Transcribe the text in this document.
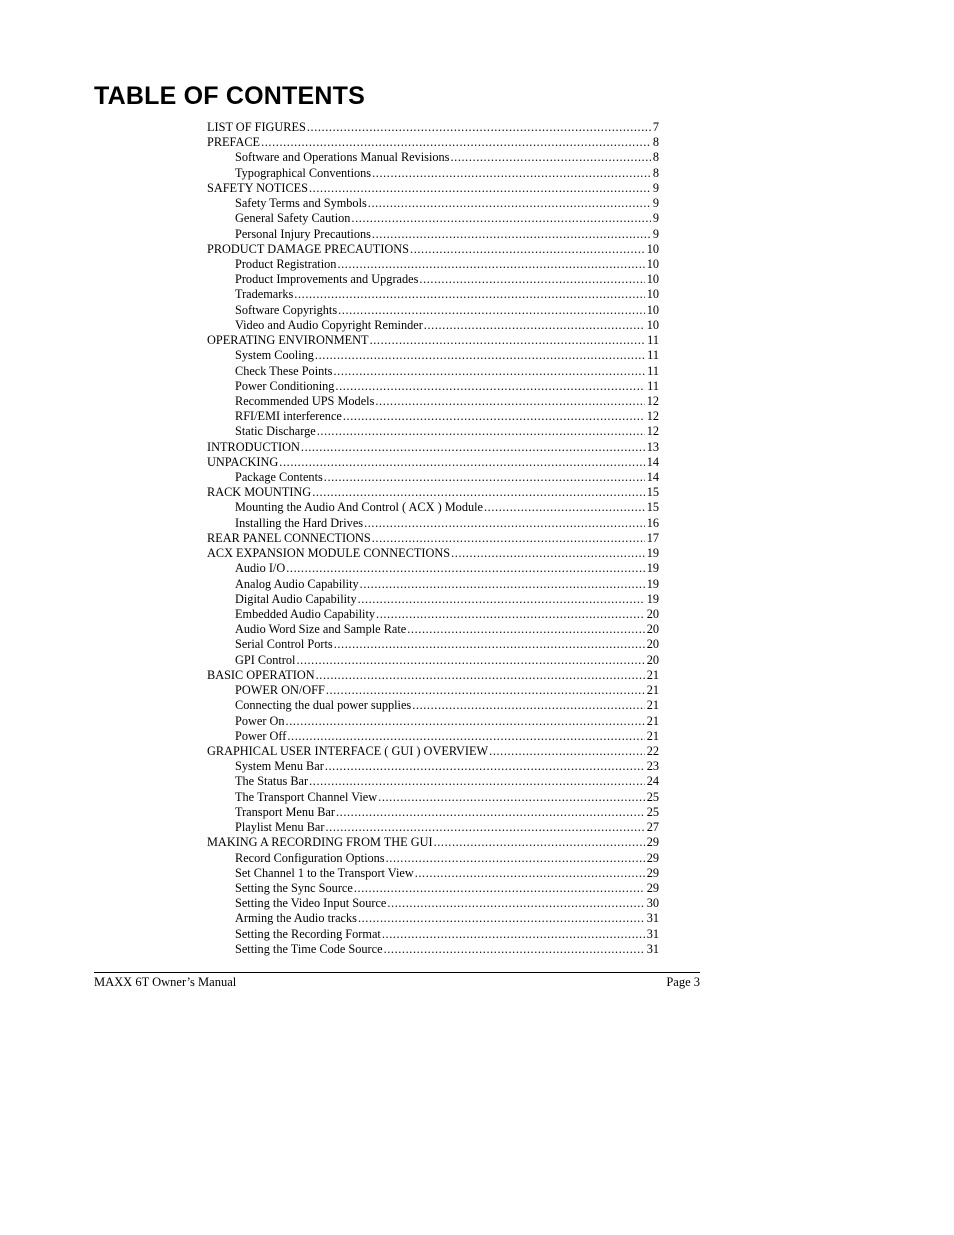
TABLE OF CONTENTS
LIST OF FIGURES .....	7
PREFACE .....	8
Software and Operations Manual Revisions .....	8
Typographical Conventions .....	8
SAFETY NOTICES .....	9
Safety Terms and Symbols .....	9
General Safety Caution .....	9
Personal Injury Precautions .....	9
PRODUCT DAMAGE PRECAUTIONS .....	10
Product Registration .....	10
Product Improvements and Upgrades .....	10
Trademarks .....	10
Software Copyrights .....	10
Video and Audio Copyright Reminder .....	10
OPERATING ENVIRONMENT .....	11
System Cooling .....	11
Check These Points .....	11
Power Conditioning .....	11
Recommended UPS Models .....	12
RFI/EMI interference .....	12
Static Discharge .....	12
INTRODUCTION .....	13
UNPACKING .....	14
Package Contents .....	14
RACK MOUNTING .....	15
Mounting the Audio And Control ( ACX ) Module .....	15
Installing the Hard Drives .....	16
REAR PANEL CONNECTIONS .....	17
ACX EXPANSION MODULE CONNECTIONS .....	19
Audio I/O .....	19
Analog Audio Capability .....	19
Digital Audio Capability .....	19
Embedded Audio Capability .....	20
Audio Word Size and Sample Rate .....	20
Serial Control Ports .....	20
GPI Control .....	20
BASIC OPERATION .....	21
POWER ON/OFF .....	21
Connecting the dual power supplies .....	21
Power On .....	21
Power Off .....	21
GRAPHICAL USER INTERFACE ( GUI ) OVERVIEW .....	22
System Menu Bar .....	23
The Status Bar .....	24
The Transport Channel View .....	25
Transport Menu Bar .....	25
Playlist Menu Bar .....	27
MAKING A RECORDING FROM THE GUI .....	29
Record Configuration Options .....	29
Set Channel 1 to the Transport View .....	29
Setting the Sync Source .....	29
Setting the Video Input Source .....	30
Arming the Audio tracks .....	31
Setting the Recording Format .....	31
Setting the Time Code Source .....	31
MAXX 6T Owner’s Manual	Page 3
